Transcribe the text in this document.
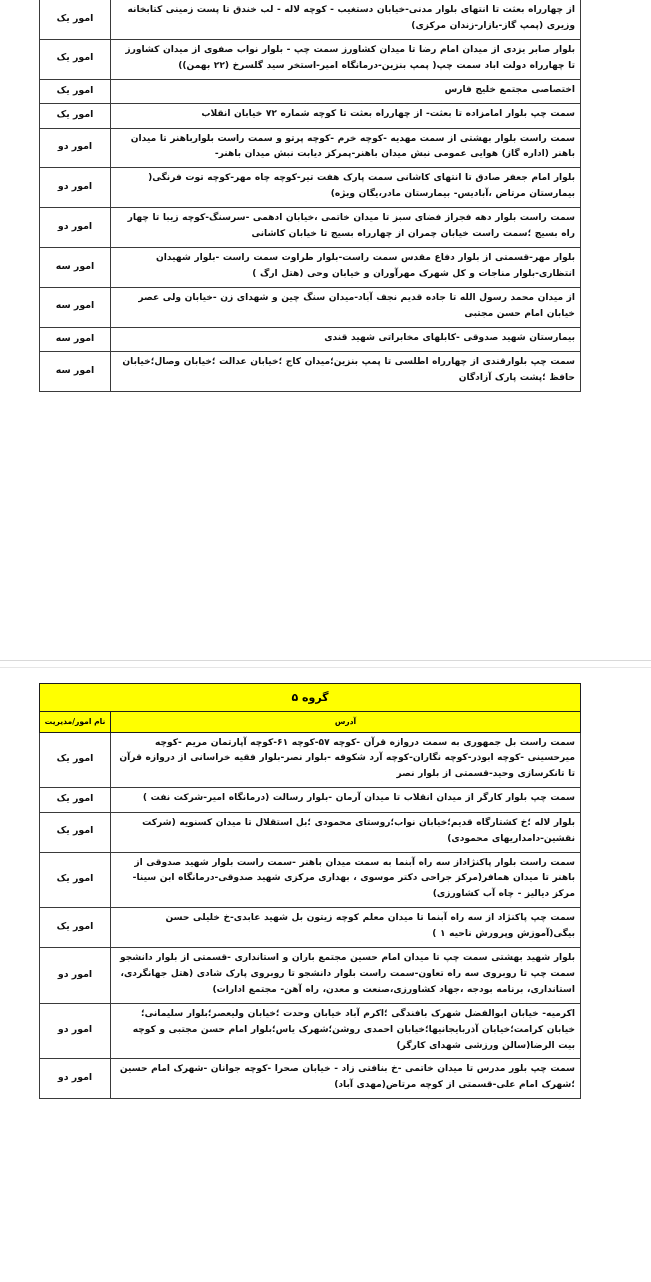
از چهارراه بعثت تا انتهای بلوار مدنی-خیابان دستغیب - کوچه لاله - لب خندق تا پست زمینی کتابخانه وزیری (پمپ گاز-بازار-زندان مرکزی)	امور یک
بلوار صابر یزدی از میدان امام رضا تا میدان کشاورز سمت چپ - بلوار نواب صفوی از میدان کشاورز تا چهارراه دولت اباد سمت چپ( پمپ بنزین-درمانگاه امیر-استخر سید گلسرخ (۲۲ بهمن))	امور یک
اختصاصی مجتمع خلیج فارس	امور یک
سمت چپ بلوار امامزاده تا بعثت- از چهارراه بعثت تا کوچه شماره ۷۲ خیابان انقلاب	امور یک
سمت راست بلوار بهشتی از سمت مهدیه -کوچه خرم -کوچه پرتو و سمت راست بلوارباهنر تا میدان باهنر (اداره گاز) هوایی عمومی نبش میدان باهنر-پمرکز دیابت نبش میدان باهنر-	امور دو
بلوار امام جعفر صادق تا انتهای کاشانی سمت پارک هفت تیر-کوچه چاه مهر-کوچه توت فرنگی( بیمارستان مرتاض ،آبادیس- بیمارستان مادر،یگان ویژه)	امور دو
سمت راست بلوار دهه فجراز فضای سبز تا میدان خاتمی ،خیابان ادهمی -سرسنگ-کوچه زیبا تا چهار راه بسیج ؛سمت راست خیابان چمران از چهارراه بسیج تا خیابان کاشانی	امور دو
بلوار مهر-قسمتی از بلوار دفاع مقدس سمت راست-بلوار طراوت سمت راست -بلوار شهیدان انتظاری-بلوار مناجات و کل شهرک مهرآوران و خیابان وحی (هتل ارگ )	امور سه
از میدان محمد رسول الله تا جاده قدیم نجف آباد-میدان سنگ چین و شهدای زن -خیابان ولی عصر خیابان امام حسن مجتبی	امور سه
بیمارستان شهید صدوقی -کابلهای مخابراتی شهید قندی	امور سه
سمت چپ بلوارقندی از چهارراه اطلسی تا پمپ بنزین؛میدان کاج ؛خیابان عدالت ؛خیابان وصال؛خیابان حافظ ؛پشت پارک آزادگان	امور سه
گروه ۵	
آدرس	نام امور/مدیریت
سمت راست بل جمهوری به سمت دروازه قرآن -کوچه ۵۷-کوچه ۶۱-کوچه آپارتمان مریم -کوچه میرحسینی -کوچه ابوذر-کوچه نگاران-کوچه آرد شکوفه -بلوار نصر-بلوار فقیه خراسانی از دروازه قرآن تا تانکرسازی وحید-قسمتی از بلوار نصر	امور یک
سمت چپ بلوار کارگر از میدان انقلاب تا میدان آرمان -بلوار رسالت (درمانگاه امیر-شرکت نفت )	امور یک
بلوار لاله ؛خ کشتارگاه قدیم؛خیابان نواب؛روستای محمودی ؛بل استقلال تا میدان کسنویه (شرکت نقشین-دامداریهای محمودی)	امور یک
سمت راست بلوار پاکنژاداز سه راه آبنما به سمت میدان باهنر -سمت راست بلوار شهید صدوقی از باهنر تا میدان همافر(مرکز جراحی دکتر موسوی ، بهداری مرکزی شهید صدوقی-درمانگاه ابن سینا-مرکز دیالیز - چاه آب کشاورزی)	امور یک
سمت چپ پاکنژاد از سه راه آبنما تا میدان معلم کوچه زیتون بل شهید عابدی-خ خلیلی حسن بیگی(آموزش وپرورش ناحیه ۱ )	امور یک
بلوار شهید بهشتی سمت چپ تا میدان امام حسین مجتمع باران و استانداری -قسمتی از بلوار دانشجو سمت چپ تا روبروی سه راه تعاون-سمت راست بلوار دانشجو تا روبروی پارک شادی (هتل جهانگردی، استانداری، برنامه بودجه ،جهاد کشاورزی،صنعت و معدن، راه آهن- مجتمع ادارات)	امور دو
اکرمیه- خیابان ابوالفضل شهرک بافندگی ؛اکرم آباد خیابان وحدت ؛خیابان ولیعصر؛بلوار سلیمانی؛ خیابان کرامت؛خیابان آذربایجانیها؛خیابان احمدی روشن؛شهرک یاس؛بلوار امام حسن مجتبی و کوچه بیت الرضا(سالن ورزشی شهدای کارگر)	امور دو
سمت چپ بلور مدرس تا میدان خاتمی -خ بنافتی زاد - خیابان صحرا -کوچه جوانان -شهرک امام حسین ؛شهرک امام علی-قسمتی از کوچه مرتاض(مهدی آباد)	امور دو
